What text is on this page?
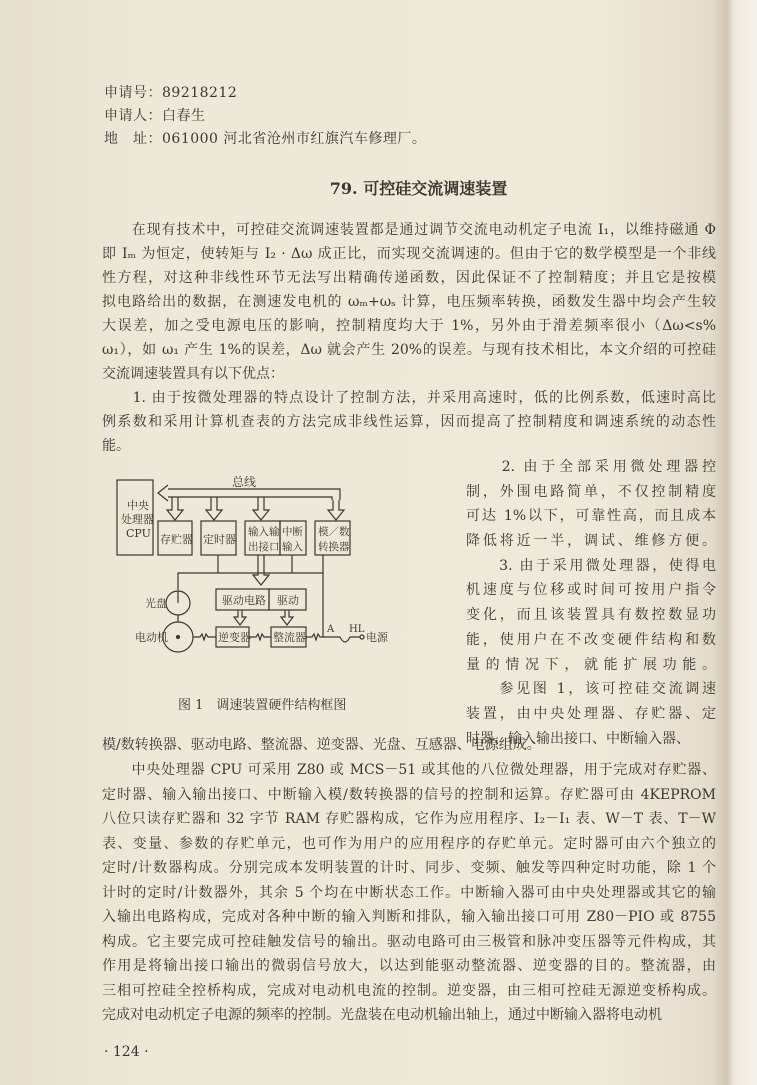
申请号：89218212
申请人：白春生
地　址：061000 河北省沧州市红旗汽车修理厂。
79. 可控硅交流调速装置
　　在现有技术中，可控硅交流调速装置都是通过调节交流电动机定子电流 I₁，以维持磁通 Φ
即 Iₘ 为恒定，使转矩与 I₂ · Δω 成正比，而实现交流调速的。但由于它的数学模型是一个非线
性方程，对这种非线性环节无法写出精确传递函数，因此保证不了控制精度；并且它是按模
拟电路给出的数据，在测速发电机的 ωₘ+ωₛ 计算，电压频率转换，函数发生器中均会产生较
大误差，加之受电源电压的影响，控制精度均大于 1%，另外由于滑差频率很小（Δω<s%
ω₁），如 ω₁ 产生 1%的误差，Δω 就会产生 20%的误差。与现有技术相比，本文介绍的可控硅
交流调速装置具有以下优点：
　　1. 由于按微处理器的特点设计了控制方法，并采用高速时，低的比例系数，低速时高比
例系数和采用计算机查表的方法完成非线性运算，因而提高了控制精度和调速系统的动态性
能。
　　2. 由于全部采用微处理器控
制，外围电路简单，不仅控制精度
可达 1%以下，可靠性高，而且成本
降低将近一半，调试、维修方便。
　　3. 由于采用微处理器，使得电
机速度与位移或时间可按用户指令
变化，而且该装置具有数控数显功
能，使用户在不改变硬件结构和数
量的情况下，就能扩展功能。
　　参见图 1，该可控硅交流调速
装置，由中央处理器、存贮器、定
时器、输入输出接口、中断输入器、
模/数转换器、驱动电路、整流器、逆变器、光盘、互感器、电源组成。
　　中央处理器 CPU 可采用 Z80 或 MCS－51 或其他的八位微处理器，用于完成对存贮器、
定时器、输入输出接口、中断输入模/数转换器的信号的控制和运算。存贮器可由 4KEPROM
八位只读存贮器和 32 字节 RAM 存贮器构成，它作为应用程序、I₂－I₁ 表、W－T 表、T－W
表、变量、参数的存贮单元，也可作为用户的应用程序的存贮单元。定时器可由六个独立的
定时/计数器构成。分别完成本发明装置的计时、同步、变频、触发等四种定时功能，除 1 个
计时的定时/计数器外，其余 5 个均在中断状态工作。中断输入器可由中央处理器或其它的输
入输出电路构成，完成对各种中断的输入判断和排队，输入输出接口可用 Z80－PIO 或 8755
构成。它主要完成可控硅触发信号的输出。驱动电路可由三极管和脉冲变压器等元件构成，其
作用是将输出接口输出的微弱信号放大，以达到能驱动整流器、逆变器的目的。整流器，由
三相可控硅全控桥构成，完成对电动机电流的控制。逆变器，由三相可控硅无源逆变桥构成。
完成对电动机定子电源的频率的控制。光盘装在电动机输出轴上，通过中断输入器将电动机
总线
中央
处理器
CPU 存贮器 定时器
输入输
出接口
中断
输入
模／数
转换器
驱动电路 驱动
光盘
电动机	逆变器 整流器
A HL
电源
图 1　调速装置硬件结构框图
· 124 ·
